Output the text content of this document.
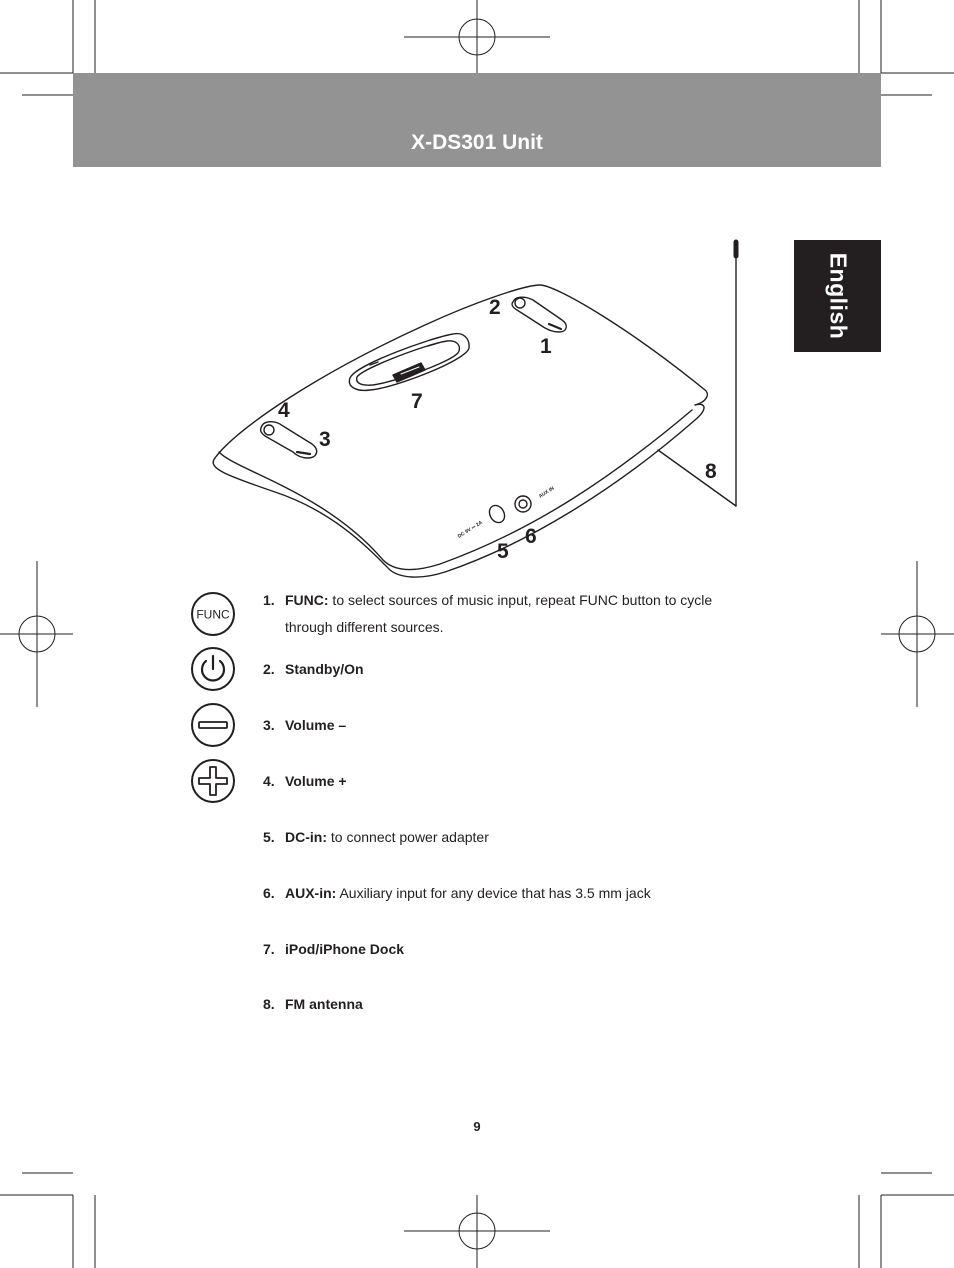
X-DS301 Unit
English
AUX IN
DC 9V ⎓ 2A
1
2
3
4
5
6
7
8
FUNC
1. FUNC: to select sources of music input, repeat FUNC button to cycle through different sources.
2. Standby/On
3. Volume –
4. Volume +
5. DC-in: to connect power adapter
6. AUX-in: Auxiliary input for any device that has 3.5 mm jack
7. iPod/iPhone Dock
8. FM antenna
9
